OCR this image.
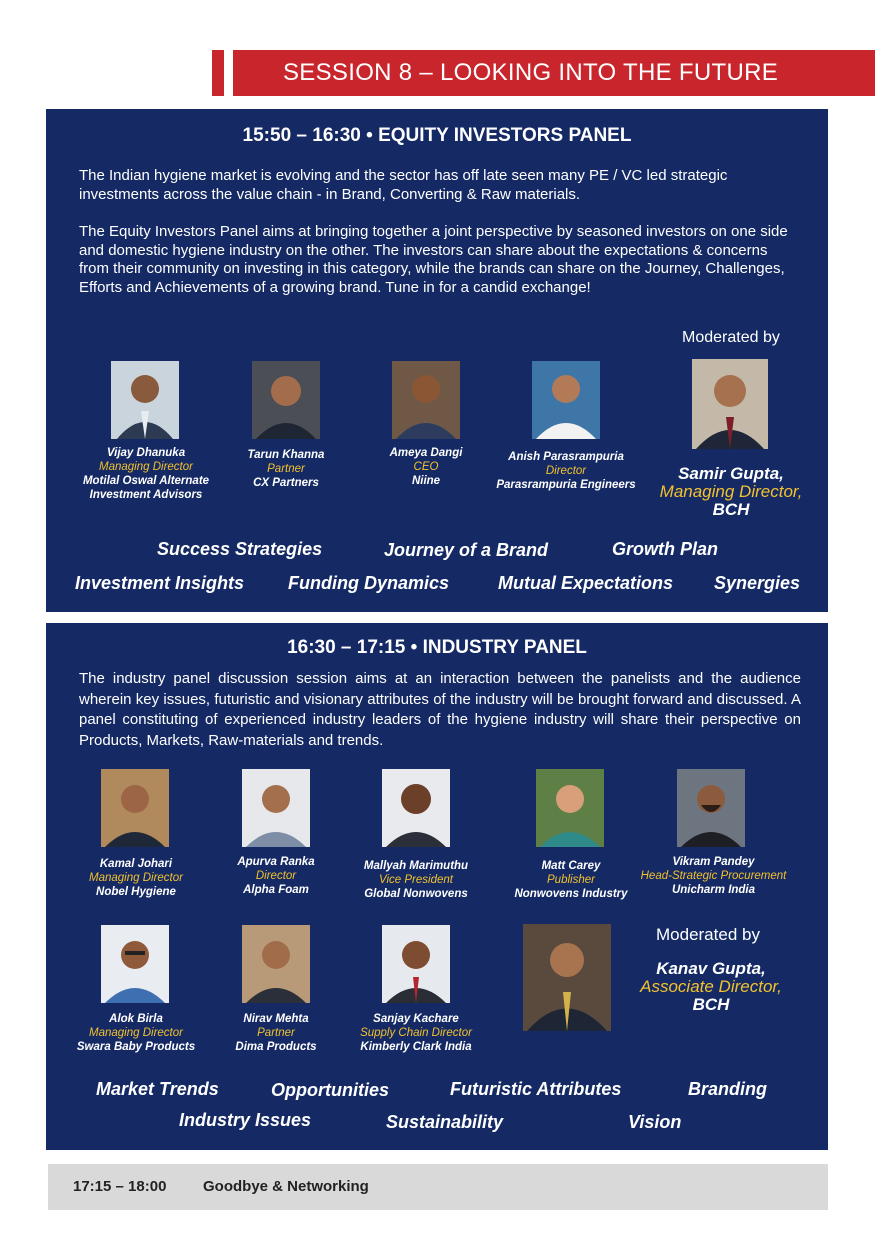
SESSION 8 – LOOKING INTO THE FUTURE
15:50 – 16:30 • EQUITY INVESTORS PANEL
The Indian hygiene market is evolving and the sector has off late seen many PE / VC led strategic investments across the value chain - in Brand, Converting & Raw materials.
The Equity Investors Panel aims at bringing together a joint perspective by seasoned investors on one side and domestic hygiene industry on the other. The investors can share about the expectations & concerns from their community on investing in this category, while the brands can share on the Journey, Challenges, Efforts and Achievements of a growing brand. Tune in for a candid exchange!
Moderated by
Vijay Dhanuka
Managing Director
Motilal Oswal Alternate Investment Advisors
Tarun Khanna
Partner
CX Partners
Ameya Dangi
CEO
Niine
Anish Parasrampuria
Director
Parasrampuria Engineers
Samir Gupta,
Managing Director,
BCH
Success Strategies	Journey of a Brand	Growth Plan
Investment Insights Funding Dynamics	Mutual Expectations Synergies
16:30 – 17:15 • INDUSTRY PANEL
The industry panel discussion session aims at an interaction between the panelists and the audience wherein key issues, futuristic and visionary attributes of the industry will be brought forward and discussed. A panel constituting of experienced industry leaders of the hygiene industry will share their perspective on Products, Markets, Raw-materials and trends.
Kamal Johari
Managing Director
Nobel Hygiene
Apurva Ranka
Director
Alpha Foam
Mallyah Marimuthu
Vice President
Global Nonwovens
Matt Carey
Publisher
Nonwovens Industry
Vikram Pandey
Head-Strategic Procurement
Unicharm India
Moderated by
Kanav Gupta,
Associate Director,
BCH
Alok Birla
Managing Director
Swara Baby Products
Nirav Mehta
Partner
Dima Products
Sanjay Kachare
Supply Chain Director
Kimberly Clark India
Market Trends	Opportunities	Futuristic Attributes	Branding
Industry Issues	Sustainability	Vision
17:15 – 18:00 Goodbye & Networking
